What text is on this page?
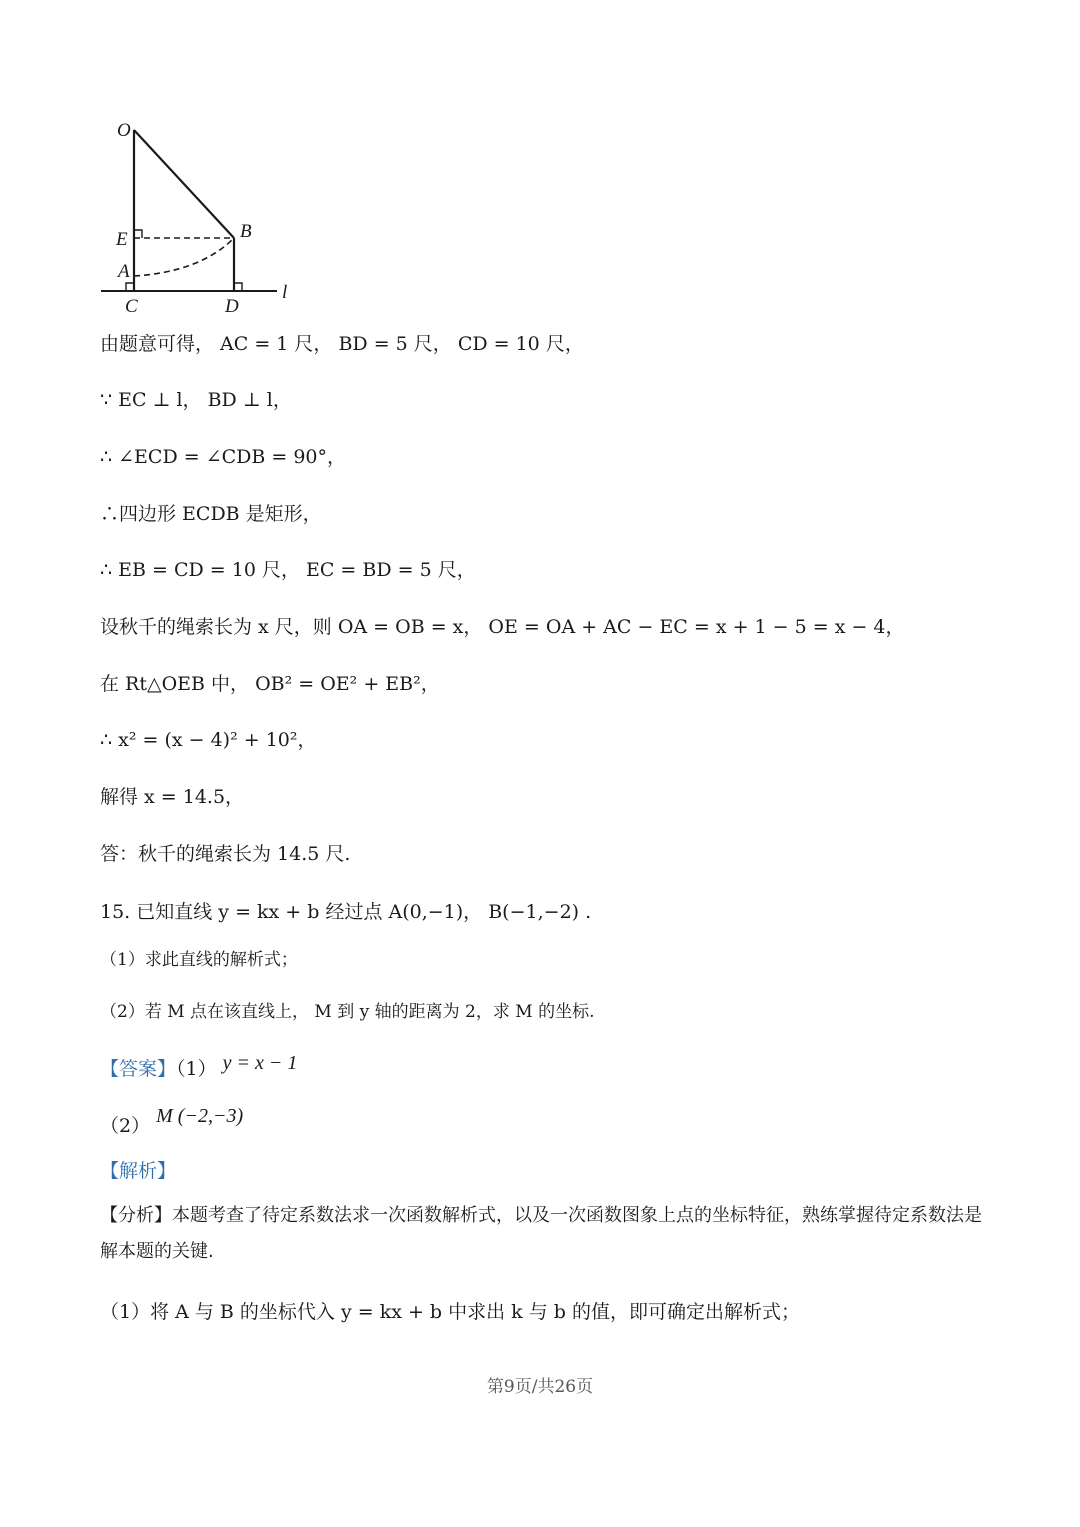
O
E	B
A
C	D
l
由题意可得， AC = 1 尺， BD = 5 尺， CD = 10 尺，
∵ EC ⊥ l， BD ⊥ l，
∴ ∠ECD = ∠CDB = 90°，
∴四边形 ECDB 是矩形，
∴ EB = CD = 10 尺， EC = BD = 5 尺，
设秋千的绳索长为 x 尺，则 OA = OB = x， OE = OA + AC − EC = x + 1 − 5 = x − 4，
在 Rt△OEB 中， OB² = OE² + EB²，
∴ x² = (x − 4)² + 10²，
解得 x = 14.5，
答：秋千的绳索长为 14.5 尺.
15. 已知直线 y = kx + b 经过点 A(0,−1)， B(−1,−2) .
（1）求此直线的解析式；
（2）若 M 点在该直线上， M 到 y 轴的距离为 2，求 M 的坐标.
【答案】（1） y = x − 1
（2） M (−2,−3)
【解析】
【分析】本题考查了待定系数法求一次函数解析式，以及一次函数图象上点的坐标特征，熟练掌握待定系数法是解本题的关键.
（1）将 A 与 B 的坐标代入 y = kx + b 中求出 k 与 b 的值，即可确定出解析式；
第9页/共26页
